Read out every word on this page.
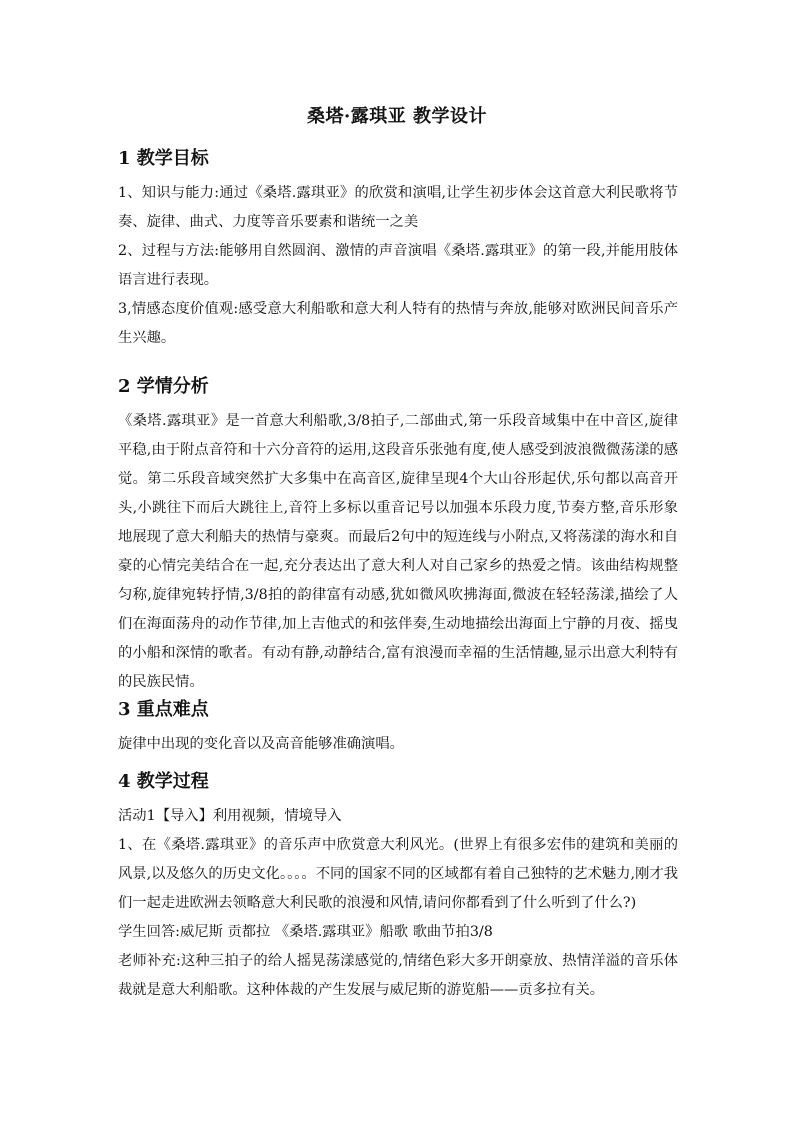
桑塔·露琪亚 教学设计
1 教学目标

1、知识与能力:通过《桑塔.露琪亚》的欣赏和演唱,让学生初步体会这首意大利民歌将节奏、旋律、曲式、力度等音乐要素和谐统一之美

2、过程与方法:能够用自然圆润、激情的声音演唱《桑塔.露琪亚》的第一段,并能用肢体语言进行表现。

3,情感态度价值观:感受意大利船歌和意大利人特有的热情与奔放,能够对欧洲民间音乐产生兴趣。

2 学情分析

《桑塔.露琪亚》是一首意大利船歌,3/8拍子,二部曲式,第一乐段音域集中在中音区,旋律平稳,由于附点音符和十六分音符的运用,这段音乐张弛有度,使人感受到波浪微微荡漾的感觉。第二乐段音域突然扩大多集中在高音区,旋律呈现4个大山谷形起伏,乐句都以高音开头,小跳往下而后大跳往上,音符上多标以重音记号以加强本乐段力度,节奏方整,音乐形象地展现了意大利船夫的热情与豪爽。而最后2句中的短连线与小附点,又将荡漾的海水和自豪的心情完美结合在一起,充分表达出了意大利人对自己家乡的热爱之情。该曲结构规整匀称,旋律宛转抒情,3/8拍的韵律富有动感,犹如微风吹拂海面,微波在轻轻荡漾,描绘了人们在海面荡舟的动作节律,加上吉他式的和弦伴奏,生动地描绘出海面上宁静的月夜、摇曳的小船和深情的歌者。有动有静,动静结合,富有浪漫而幸福的生活情趣,显示出意大利特有的民族民情。

3 重点难点

旋律中出现的变化音以及高音能够准确演唱。

4 教学过程

活动1【导入】利用视频，情境导入

1、在《桑塔.露琪亚》的音乐声中欣赏意大利风光。(世界上有很多宏伟的建筑和美丽的风景,以及悠久的历史文化。。。。不同的国家不同的区域都有着自己独特的艺术魅力,刚才我们一起走进欧洲去领略意大利民歌的浪漫和风情,请问你都看到了什么听到了什么?)

学生回答:威尼斯 贡都拉 《桑塔.露琪亚》船歌 歌曲节拍3/8

老师补充:这种三拍子的给人摇晃荡漾感觉的,情绪色彩大多开朗豪放、热情洋溢的音乐体裁就是意大利船歌。这种体裁的产生发展与威尼斯的游览船——贡多拉有关。
